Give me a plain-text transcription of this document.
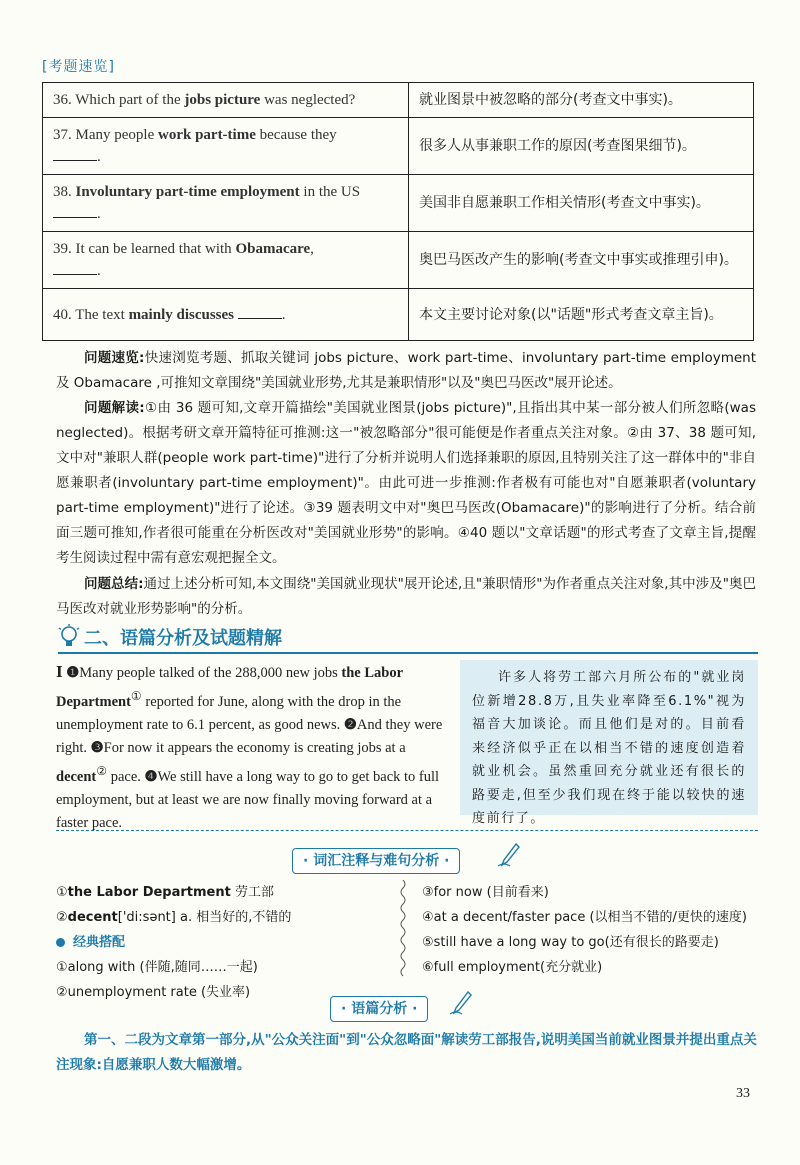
[考题速览]
36. Which part of the jobs picture was neglected?	就业图景中被忽略的部分(考查文中事实)。
37. Many people work part-time because they
.	很多人从事兼职工作的原因(考查图果细节)。
38. Involuntary part-time employment in the US
.	美国非自愿兼职工作相关情形(考查文中事实)。
39. It can be learned that with Obamacare,
.	奥巴马医改产生的影响(考查文中事实或推理引申)。
40. The text mainly discusses .	本文主要讨论对象(以"话题"形式考查文章主旨)。
问题速览:快速浏览考题、抓取关键词 jobs picture、work part-time、involuntary part-time employment 及 Obamacare ,可推知文章围绕"美国就业形势,尤其是兼职情形"以及"奥巴马医改"展开论述。
问题解读:①由 36 题可知,文章开篇描绘"美国就业图景(jobs picture)",且指出其中某一部分被人们所忽略(was neglected)。根据考研文章开篇特征可推测:这一"被忽略部分"很可能便是作者重点关注对象。②由 37、38 题可知,文中对"兼职人群(people work part-time)"进行了分析并说明人们选择兼职的原因,且特别关注了这一群体中的"非自愿兼职者(involuntary part-time employment)"。由此可进一步推测:作者极有可能也对"自愿兼职者(voluntary part-time employment)"进行了论述。③39 题表明文中对"奥巴马医改(Obamacare)"的影响进行了分析。结合前面三题可推知,作者很可能重在分析医改对"美国就业形势"的影响。④40 题以"文章话题"的形式考查了文章主旨,提醒考生阅读过程中需有意宏观把握全文。
问题总结:通过上述分析可知,本文围绕"美国就业现状"展开论述,且"兼职情形"为作者重点关注对象,其中涉及"奥巴马医改对就业形势影响"的分析。
二、语篇分析及试题精解
I ❶Many people talked of the 288,000 new jobs the Labor Department① reported for June, along with the drop in the unemployment rate to 6.1 percent, as good news. ❷And they were right. ❸For now it appears the economy is creating jobs at a decent② pace. ❹We still have a long way to go to get back to full employment, but at least we are now finally moving forward at a faster pace.
许多人将劳工部六月所公布的"就业岗位新增28.8万,且失业率降至6.1%"视为福音大加谈论。而且他们是对的。目前看来经济似乎正在以相当不错的速度创造着就业机会。虽然重回充分就业还有很长的路要走,但至少我们现在终于能以较快的速度前行了。
· 词汇注释与难句分析 ·
①the Labor Department 劳工部
②decent['di:sənt] a. 相当好的,不错的
经典搭配
①along with (伴随,随同……一起)
②unemployment rate (失业率)
③for now (目前看来)
④at a decent/faster pace (以相当不错的/更快的速度)
⑤still have a long way to go(还有很长的路要走)
⑥full employment(充分就业)
· 语篇分析 ·
第一、二段为文章第一部分,从"公众关注面"到"公众忽略面"解读劳工部报告,说明美国当前就业图景并提出重点关注现象:自愿兼职人数大幅激增。
33
